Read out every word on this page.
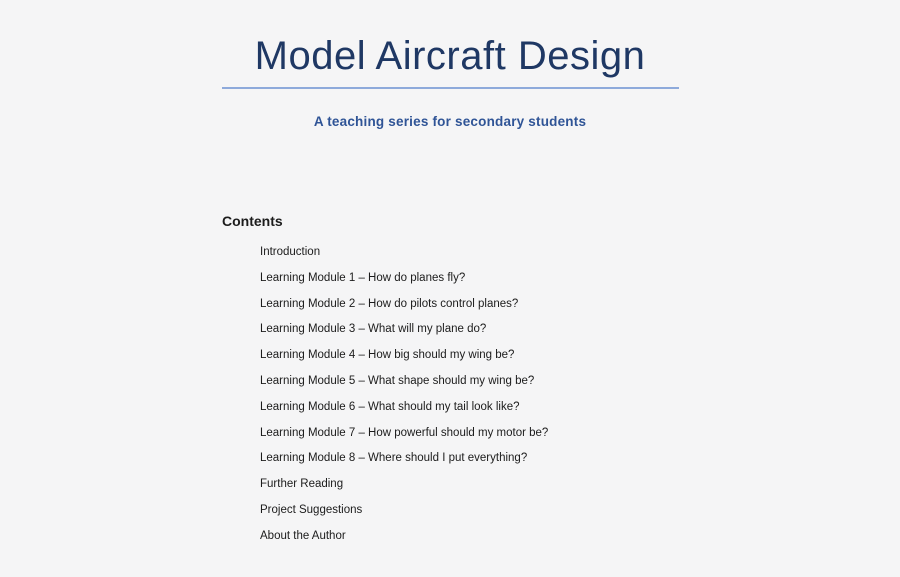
Model Aircraft Design
A teaching series for secondary students
Contents
Introduction
Learning Module 1 – How do planes fly?
Learning Module 2 – How do pilots control planes?
Learning Module 3 – What will my plane do?
Learning Module 4 – How big should my wing be?
Learning Module 5 – What shape should my wing be?
Learning Module 6 – What should my tail look like?
Learning Module 7 – How powerful should my motor be?
Learning Module 8 – Where should I put everything?
Further Reading
Project Suggestions
About the Author
